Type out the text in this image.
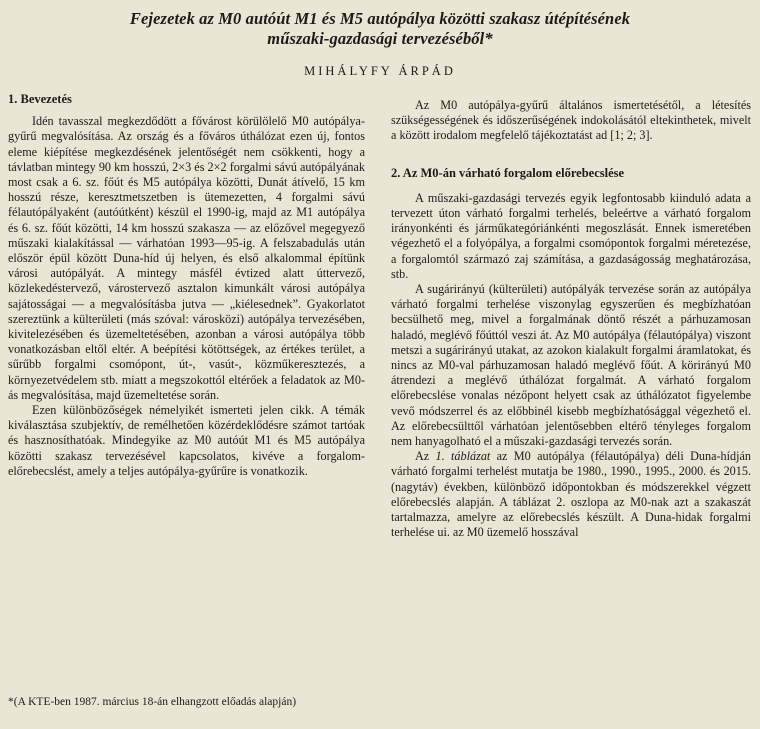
Fejezetek az M0 autóút M1 és M5 autópálya közötti szakasz útépítésének
műszaki-gazdasági tervezéséből*
MIHÁLYFY ÁRPÁD
1. Bevezetés

Idén tavasszal megkezdődött a fővárost körülölelő M0 autópálya-gyűrű megvalósítása. Az ország és a főváros úthálózat ezen új, fontos eleme kiépítése megkezdésének jelentőségét nem csökkenti, hogy a távlatban mintegy 90 km hosszú, 2×3 és 2×2 forgalmi sávú autópályának most csak a 6. sz. főút és M5 autópálya közötti, Dunát átívelő, 15 km hosszú része, keresztmetszetben is ütemezetten, 4 forgalmi sávú félautópályaként (autóútként) készül el 1990-ig, majd az M1 autópálya és 6. sz. főút közötti, 14 km hosszú szakasza — az előzővel megegyező műszaki kialakítással — várhatóan 1993—95-ig. A felszabadulás után először épül között Duna-híd új helyen, és első alkalommal építünk városi autópályát. A mintegy másfél évtized alatt úttervező, közlekedéstervező, várostervező asztalon kimunkált városi autópálya sajátosságai — a megvalósításba jutva — „kiélesednek”. Gyakorlatot szereztünk a külterületi (más szóval: városközi) autópálya tervezésében, kivitelezésében és üzemeltetésében, azonban a városi autópálya több vonatkozásban eltől eltér. A beépítési kötöttségek, az értékes terület, a sűrűbb forgalmi csomópont, út-, vasút-, közműkeresztezés, a környezetvédelem stb. miatt a megszokottól eltérőek a feladatok az M0-ás megvalósítása, majd üzemeltetése során.

Ezen különbözőségek némelyikét ismerteti jelen cikk. A témák kiválasztása szubjektív, de remélhetően közérdeklődésre számot tartóak és hasznosíthatóak. Mindegyike az M0 autóút M1 és M5 autópálya közötti szakasz tervezésével kapcsolatos, kivéve a forgalom-előrebecslést, amely a teljes autópálya-gyűrűre is vonatkozik.

*(A KTE-ben 1987. március 18-án elhangzott előadás alapján)

Az M0 autópálya-gyűrű általános ismertetésétől, a létesítés szükségességének és időszerűségének indokolásától eltekinthetek, mivelt a között irodalom megfelelő tájékoztatást ad [1; 2; 3].

2. Az M0-án várható forgalom előrebecslése

A műszaki-gazdasági tervezés egyik legfontosabb kiinduló adata a tervezett úton várható forgalmi terhelés, beleértve a várható forgalom irányonkénti és járműkategóriánkénti megoszlását. Ennek ismeretében végezhető el a folyópálya, a forgalmi csomópontok forgalmi méretezése, a forgalomtól származó zaj számítása, a gazdaságosság meghatározása, stb.

A sugárirányú (külterületi) autópályák tervezése során az autópálya várható forgalmi terhelése viszonylag egyszerűen és megbízhatóan becsülhető meg, mivel a forgalmának döntő részét a párhuzamosan haladó, meglévő főúttól veszi át. Az M0 autópálya (félautópálya) viszont metszi a sugárirányú utakat, az azokon kialakult forgalmi áramlatokat, és nincs az M0-val párhuzamosan haladó meglévő főút. A körirányú M0 átrendezi a meglévő úthálózat forgalmát. A várható forgalom előrebecslése vonalas nézőpont helyett csak az úthálózatot figyelembe vevő módszerrel és az előbbinél kisebb megbízhatósággal végezhető el. Az előrebecsülttől várhatóan jelentősebben eltérő tényleges forgalom nem hanyagolható el a műszaki-gazdasági tervezés során.

Az 1. táblázat az M0 autópálya (félautópálya) déli Duna-hídján várható forgalmi terhelést mutatja be 1980., 1990., 1995., 2000. és 2015. (nagytáv) években, különböző időpontokban és módszerekkel végzett előrebecslés alapján. A táblázat 2. oszlopa az M0-nak azt a szakaszát tartalmazza, amelyre az előrebecslés készült. A Duna-hidak forgalmi terhelése ui. az M0 üzemelő hosszával
